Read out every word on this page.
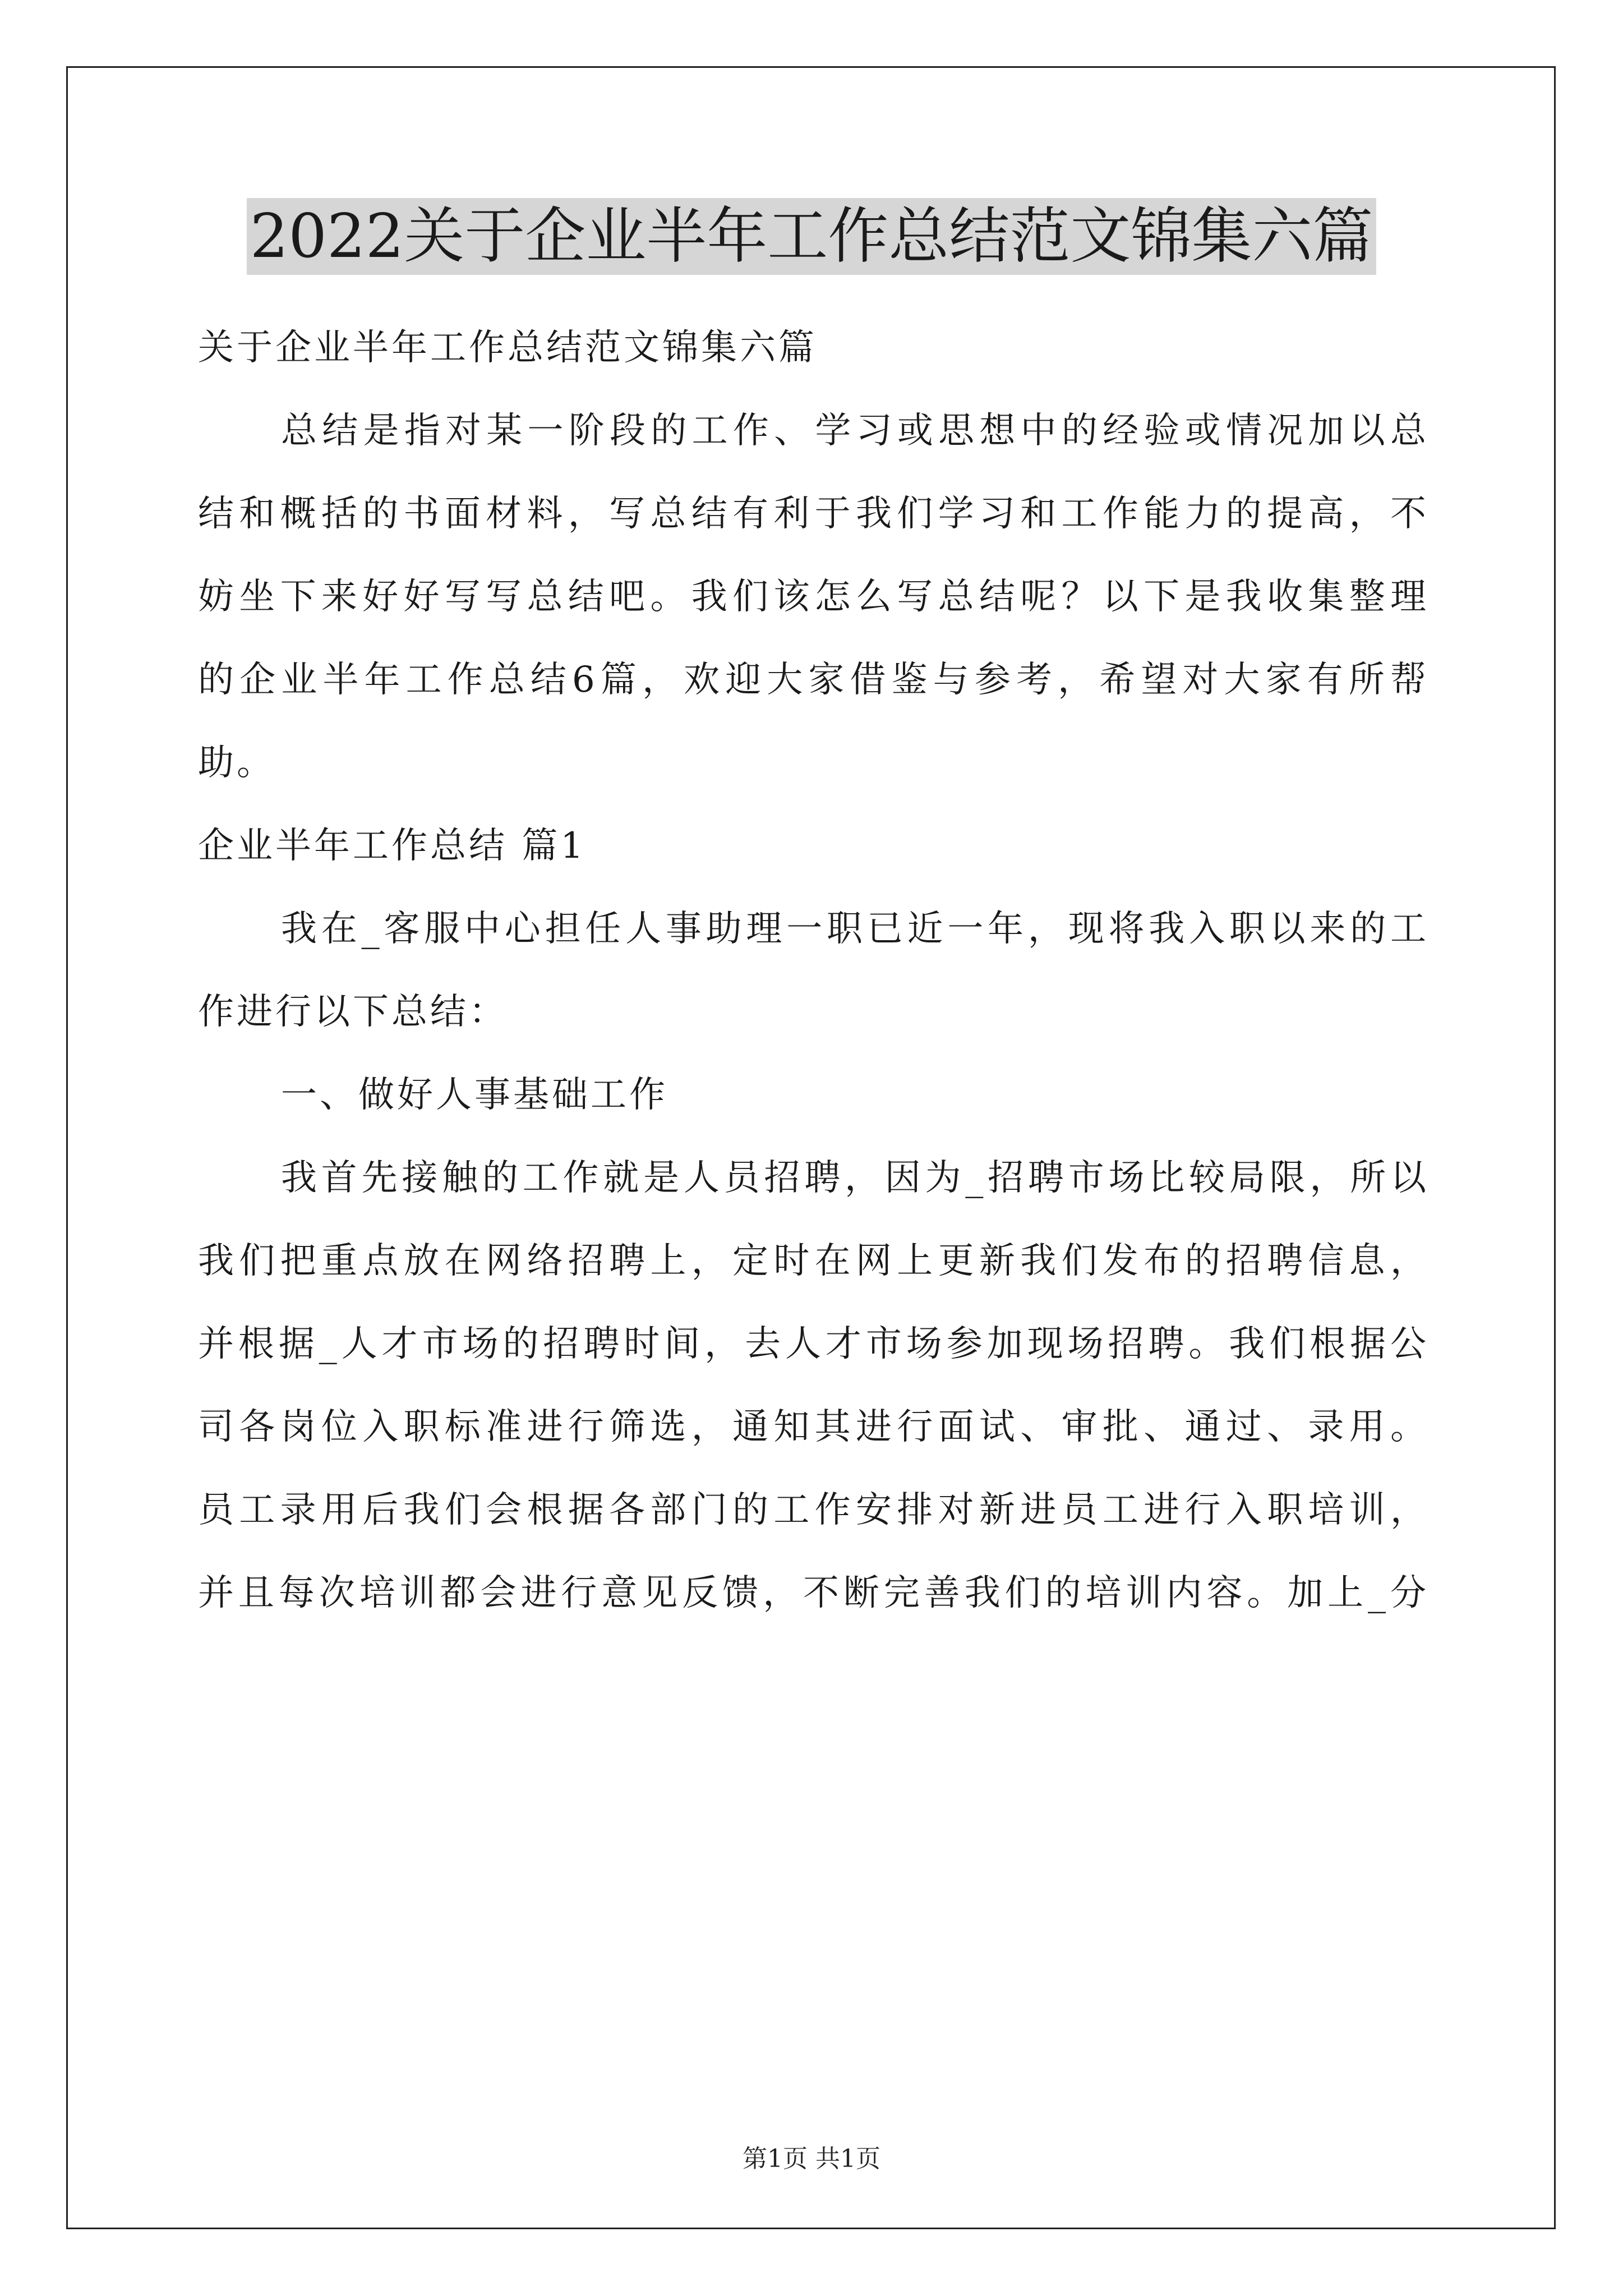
2022关于企业半年工作总结范文锦集六篇

关于企业半年工作总结范文锦集六篇

总结是指对某一阶段的工作、学习或思想中的经验或情况加以总

结和概括的书面材料，写总结有利于我们学习和工作能力的提高，不

妨坐下来好好写写总结吧。我们该怎么写总结呢？以下是我收集整理

的企业半年工作总结6篇，欢迎大家借鉴与参考，希望对大家有所帮

助。

企业半年工作总结 篇1

我在_客服中心担任人事助理一职已近一年，现将我入职以来的工

作进行以下总结：

一、做好人事基础工作

我首先接触的工作就是人员招聘，因为_招聘市场比较局限，所以

我们把重点放在网络招聘上，定时在网上更新我们发布的招聘信息，

并根据_人才市场的招聘时间，去人才市场参加现场招聘。我们根据公

司各岗位入职标准进行筛选，通知其进行面试、审批、通过、录用。

员工录用后我们会根据各部门的工作安排对新进员工进行入职培训，

并且每次培训都会进行意见反馈，不断完善我们的培训内容。加上_分

第1页 共1页
